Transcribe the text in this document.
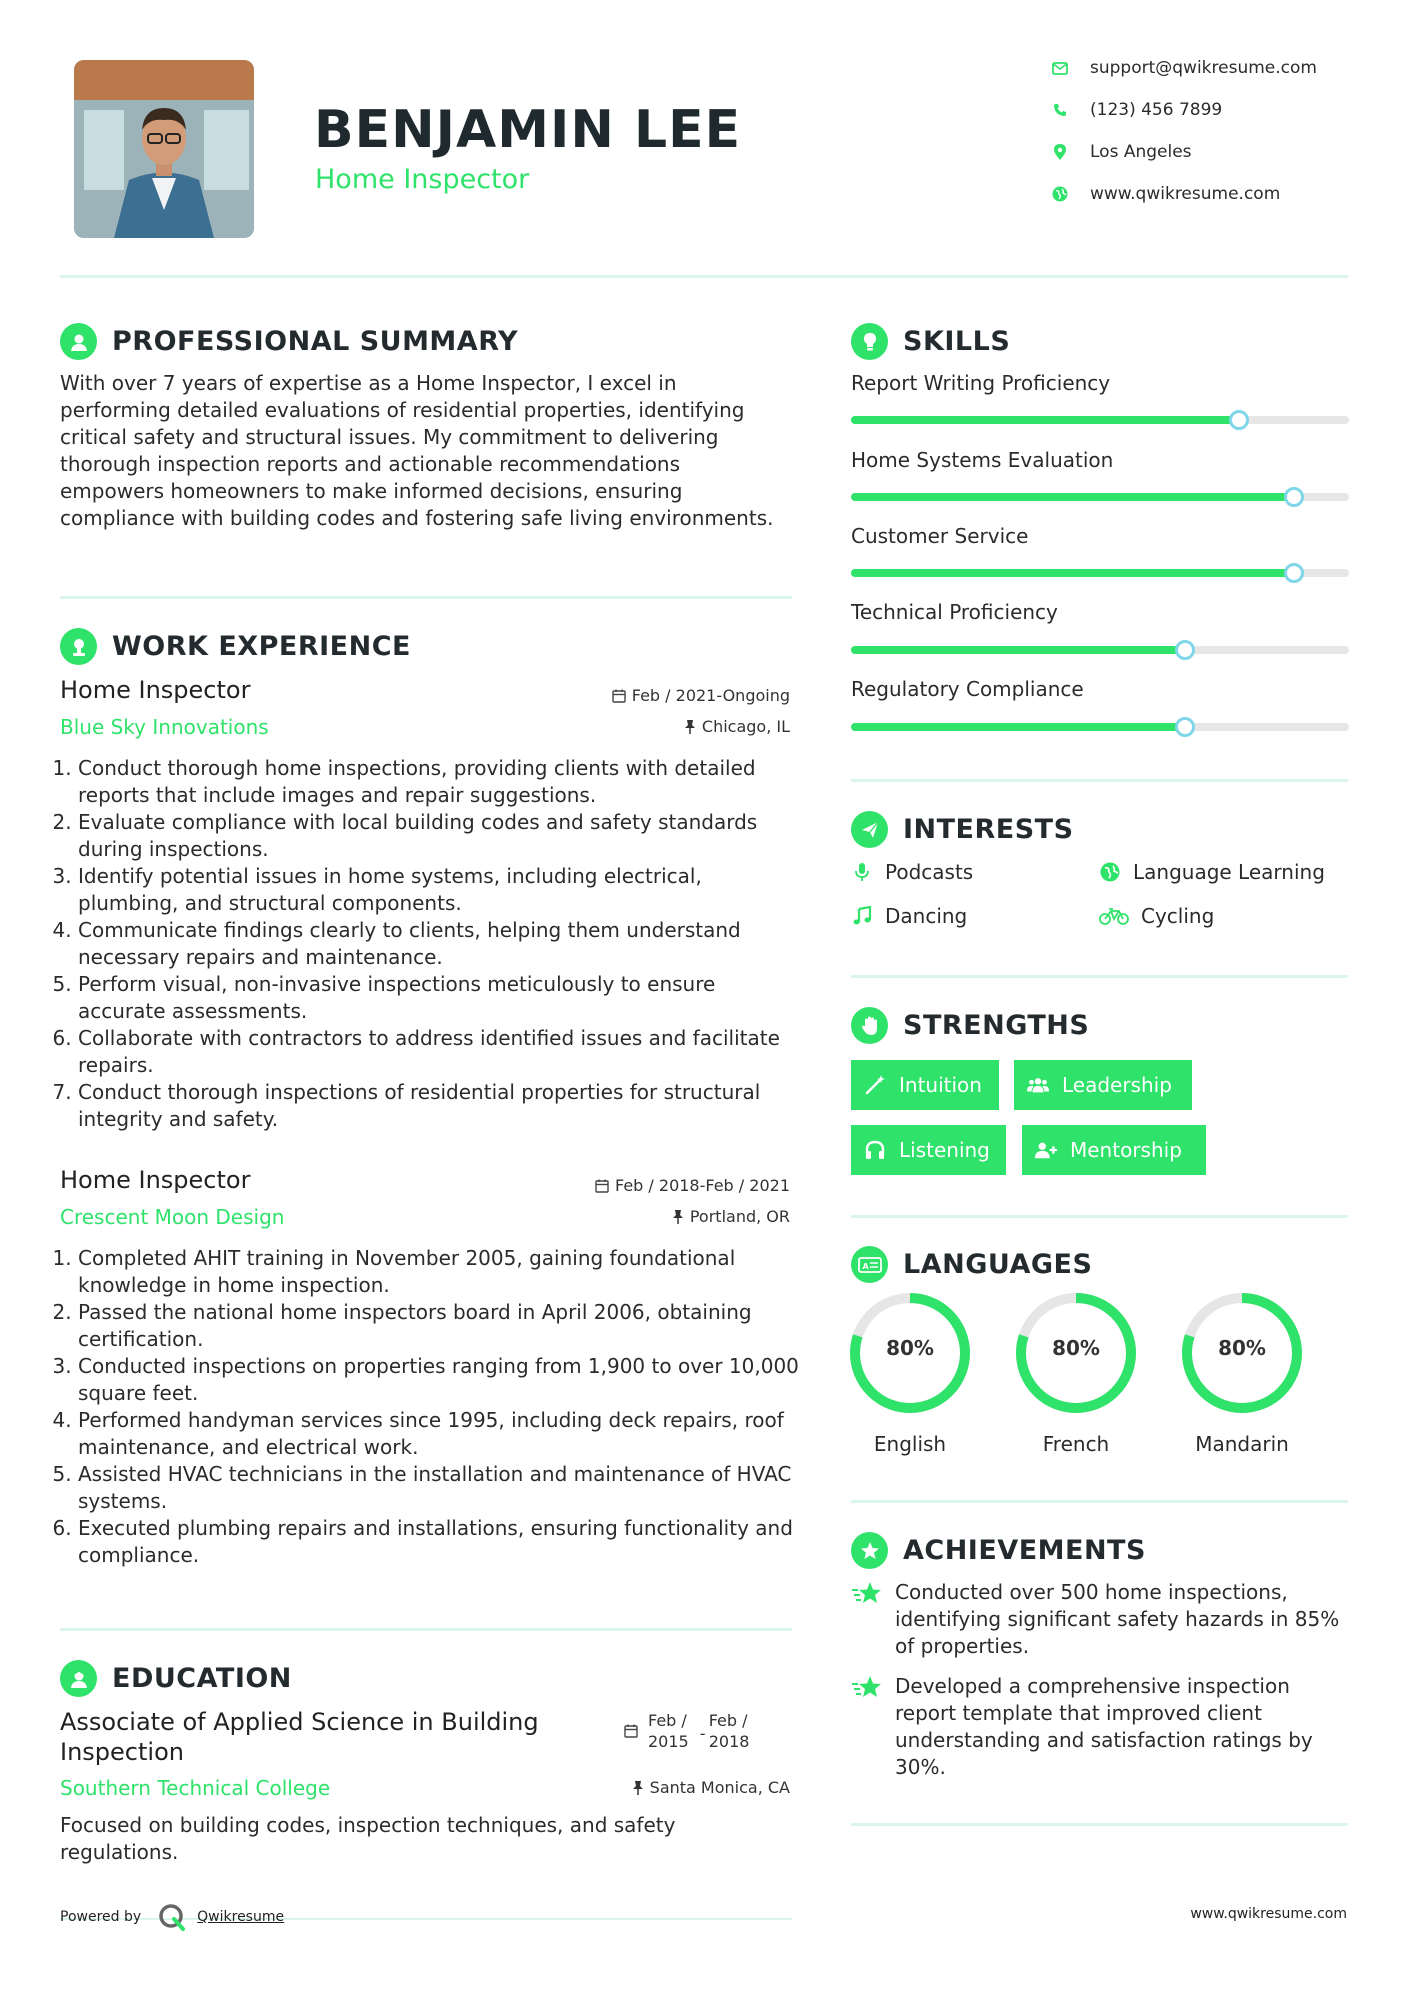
BENJAMIN LEE
Home Inspector
support@qwikresume.com
(123) 456 7899
Los Angeles
www.qwikresume.com
PROFESSIONAL SUMMARY
With over 7 years of expertise as a Home Inspector, I excel in performing detailed evaluations of residential properties, identifying critical safety and structural issues. My commitment to delivering thorough inspection reports and actionable recommendations empowers homeowners to make informed decisions, ensuring compliance with building codes and fostering safe living environments.
WORK EXPERIENCE
Home Inspector
Blue Sky Innovations
Feb / 2021-Ongoing
Chicago, IL
1. Conduct thorough home inspections, providing clients with detailed reports that include images and repair suggestions.
2. Evaluate compliance with local building codes and safety standards during inspections.
3. Identify potential issues in home systems, including electrical, plumbing, and structural components.
4. Communicate findings clearly to clients, helping them understand necessary repairs and maintenance.
5. Perform visual, non-invasive inspections meticulously to ensure accurate assessments.
6. Collaborate with contractors to address identified issues and facilitate repairs.
7. Conduct thorough inspections of residential properties for structural integrity and safety.
Home Inspector
Crescent Moon Design
Feb / 2018-Feb / 2021
Portland, OR
1. Completed AHIT training in November 2005, gaining foundational knowledge in home inspection.
2. Passed the national home inspectors board in April 2006, obtaining certification.
3. Conducted inspections on properties ranging from 1,900 to over 10,000 square feet.
4. Performed handyman services since 1995, including deck repairs, roof maintenance, and electrical work.
5. Assisted HVAC technicians in the installation and maintenance of HVAC systems.
6. Executed plumbing repairs and installations, ensuring functionality and compliance.
EDUCATION
Associate of Applied Science in Building
Inspection
Feb /
2015 -
Feb /
2018
Southern Technical College	Santa Monica, CA
Focused on building codes, inspection techniques, and safety regulations.
SKILLS
Report Writing Proficiency
Home Systems Evaluation
Customer Service
Technical Proficiency
Regulatory Compliance
INTERESTS
Podcasts	Language Learning
Dancing	Cycling
STRENGTHS
Intuition	Leadership
Listening	Mentorship
A LANGUAGES
80%
English
80%
French
80%
Mandarin
ACHIEVEMENTS
Conducted over 500 home inspections, identifying significant safety hazards in 85% of properties.
Developed a comprehensive inspection report template that improved client understanding and satisfaction ratings by 30%.
Powered by	Qwikresume	www.qwikresume.com
